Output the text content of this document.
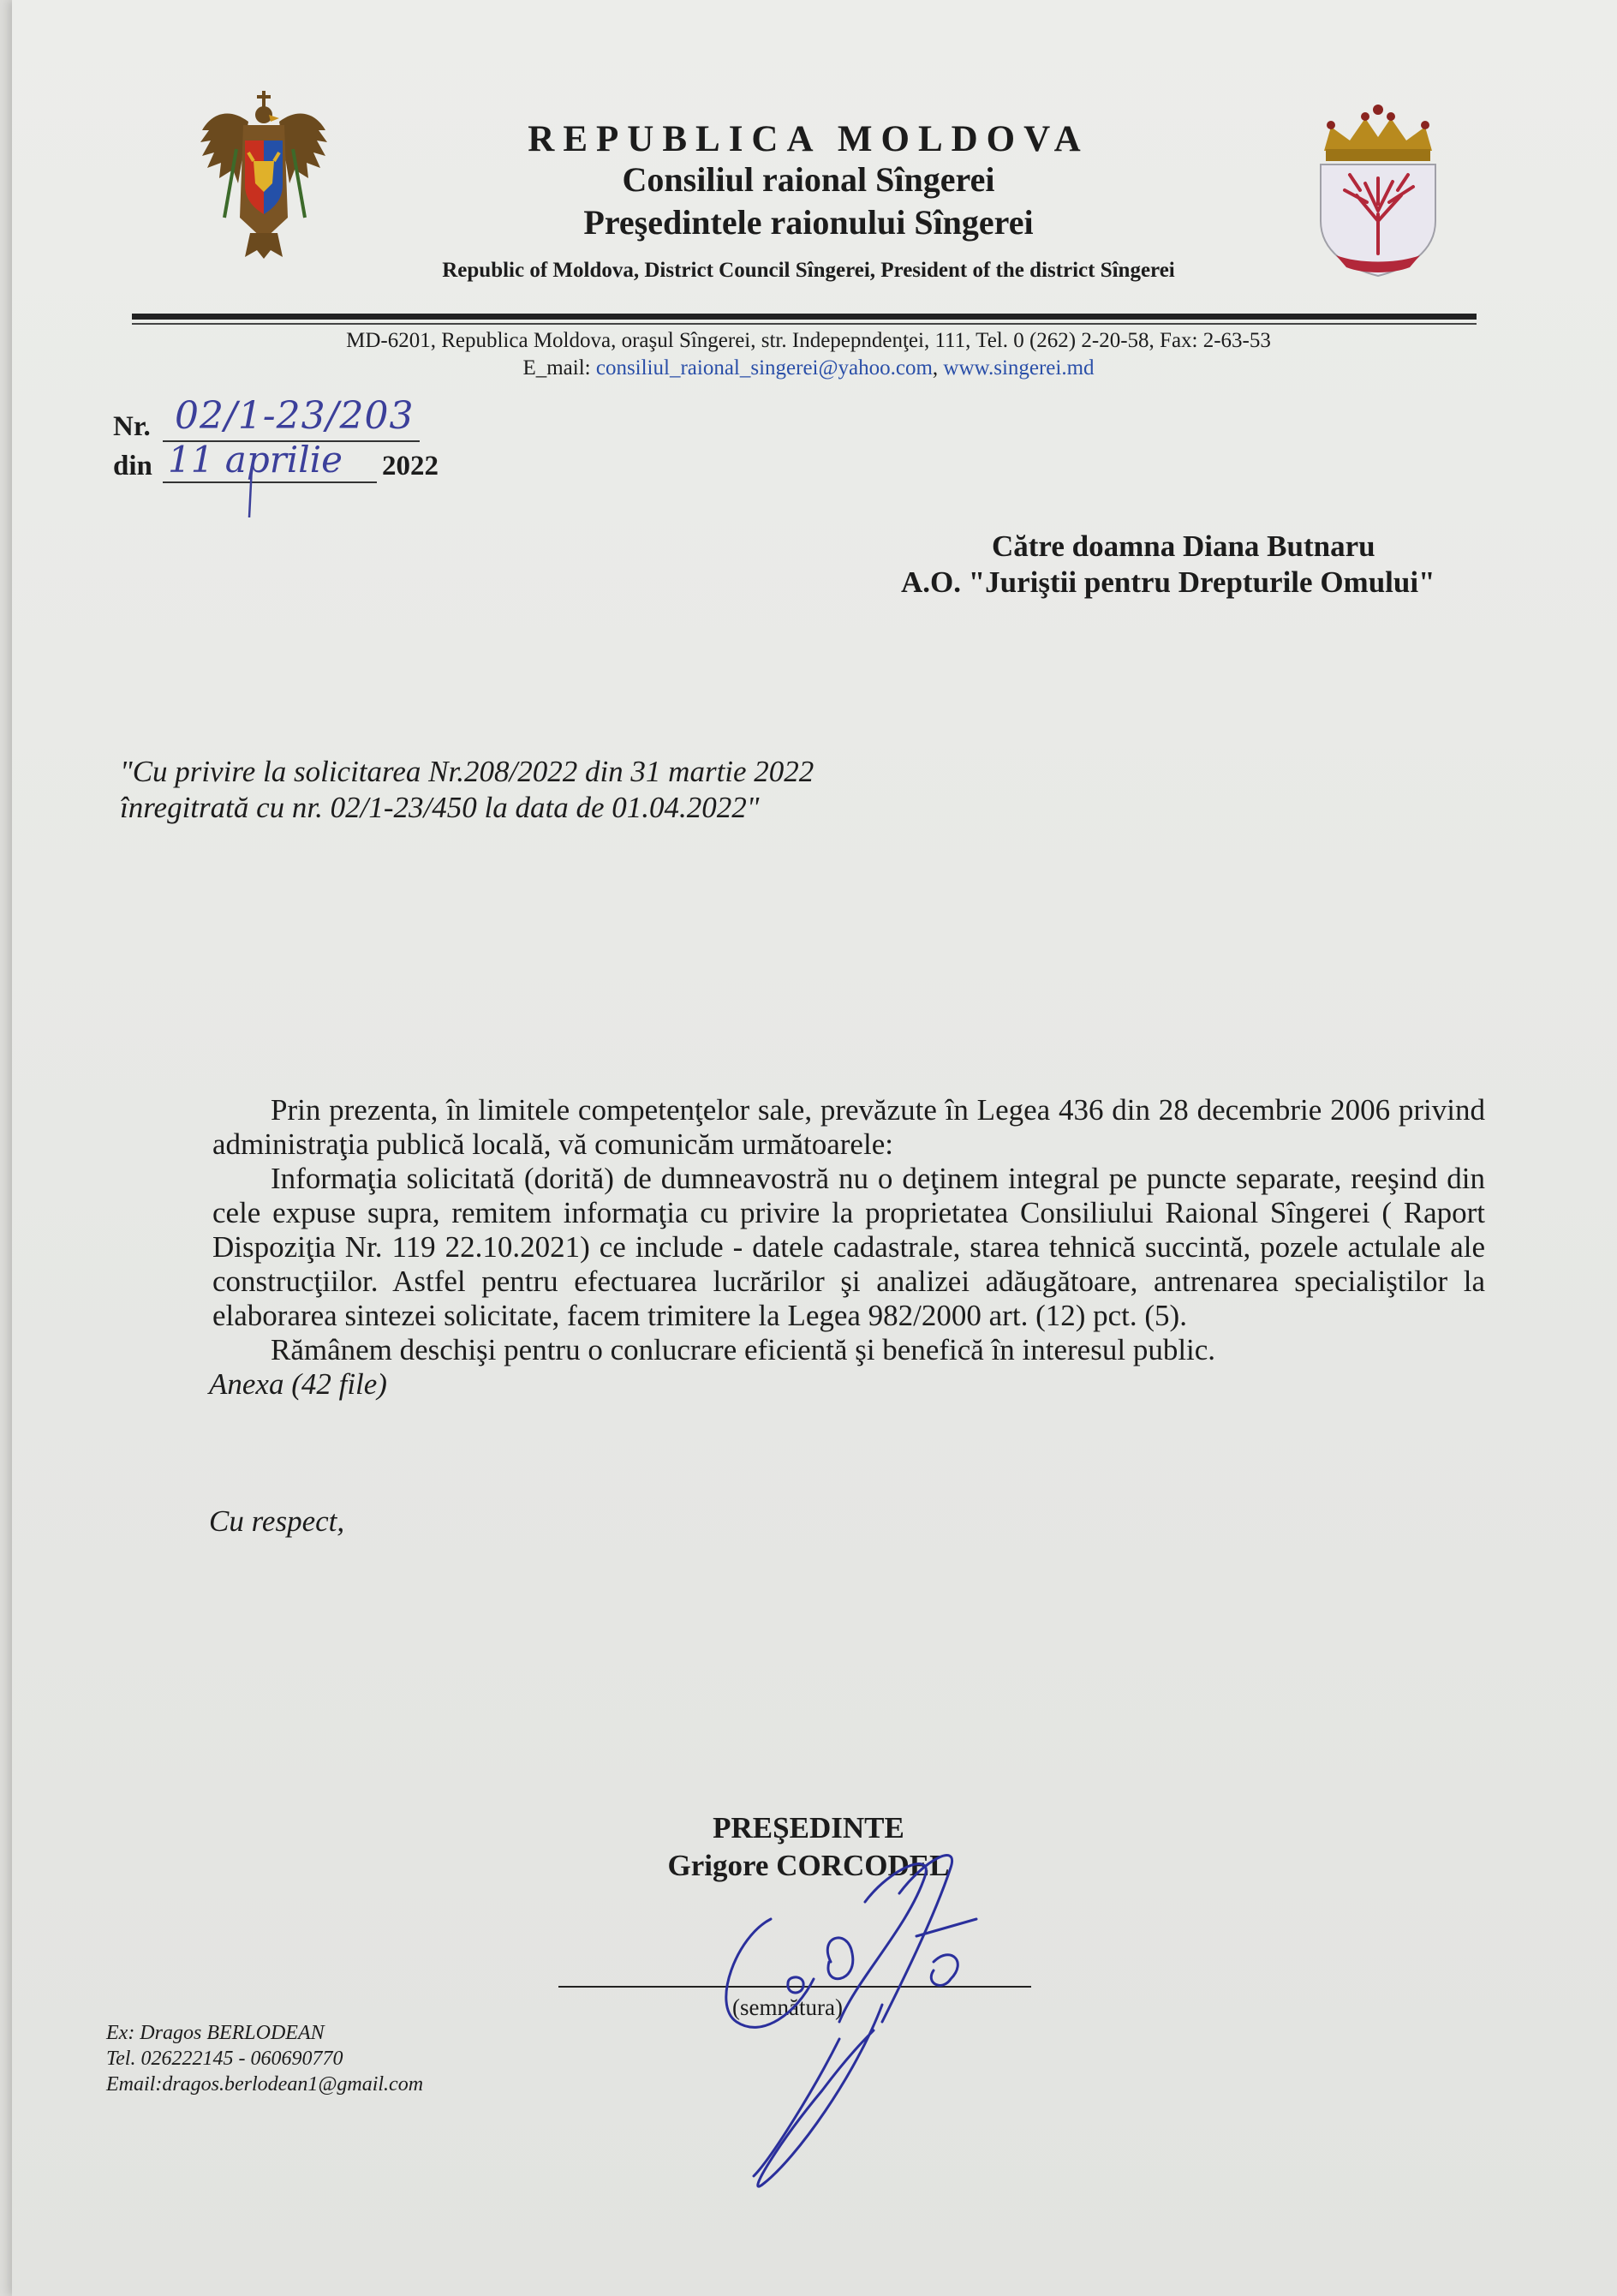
REPUBLICA MOLDOVA
Consiliul raional Sîngerei
Preşedintele raionului Sîngerei
Republic of Moldova, District Council Sîngerei, President of the district Sîngerei
MD-6201, Republica Moldova, oraşul Sîngerei, str. Indepepndenţei, 111, Tel. 0 (262) 2-20-58, Fax: 2-63-53
E_mail: consiliul_raional_singerei@yahoo.com, www.singerei.md
Nr. 02/1-23/203
din 11 aprilie 2022
Către doamna Diana Butnaru
A.O. "Juriştii pentru Drepturile Omului"
"Cu privire la solicitarea Nr.208/2022 din 31 martie 2022
înregitrată cu nr. 02/1-23/450 la data de 01.04.2022"

Prin prezenta, în limitele competenţelor sale, prevăzute în Legea 436 din 28 decembrie 2006 privind administraţia publică locală, vă comunicăm următoarele:

Informaţia solicitată (dorită) de dumneavostră nu o deţinem integral pe puncte separate, reeşind din cele expuse supra, remitem informaţia cu privire la proprietatea Consiliului Raional Sîngerei ( Raport Dispoziţia Nr. 119 22.10.2021) ce include - datele cadastrale, starea tehnică succintă, pozele actulale ale construcţiilor. Astfel pentru efectuarea lucrărilor şi analizei adăugătoare, antrenarea specialiştilor la elaborarea sintezei solicitate, facem trimitere la Legea 982/2000 art. (12) pct. (5).

Rămânem deschişi pentru o conlucrare eficientă şi benefică în interesul public.

Anexa (42 file)

Cu respect,
PREŞEDINTE
Grigore CORCODEL
(semnătura)
Ex: Dragos BERLODEAN
Tel. 026222145 - 060690770
Email:dragos.berlodean1@gmail.com
